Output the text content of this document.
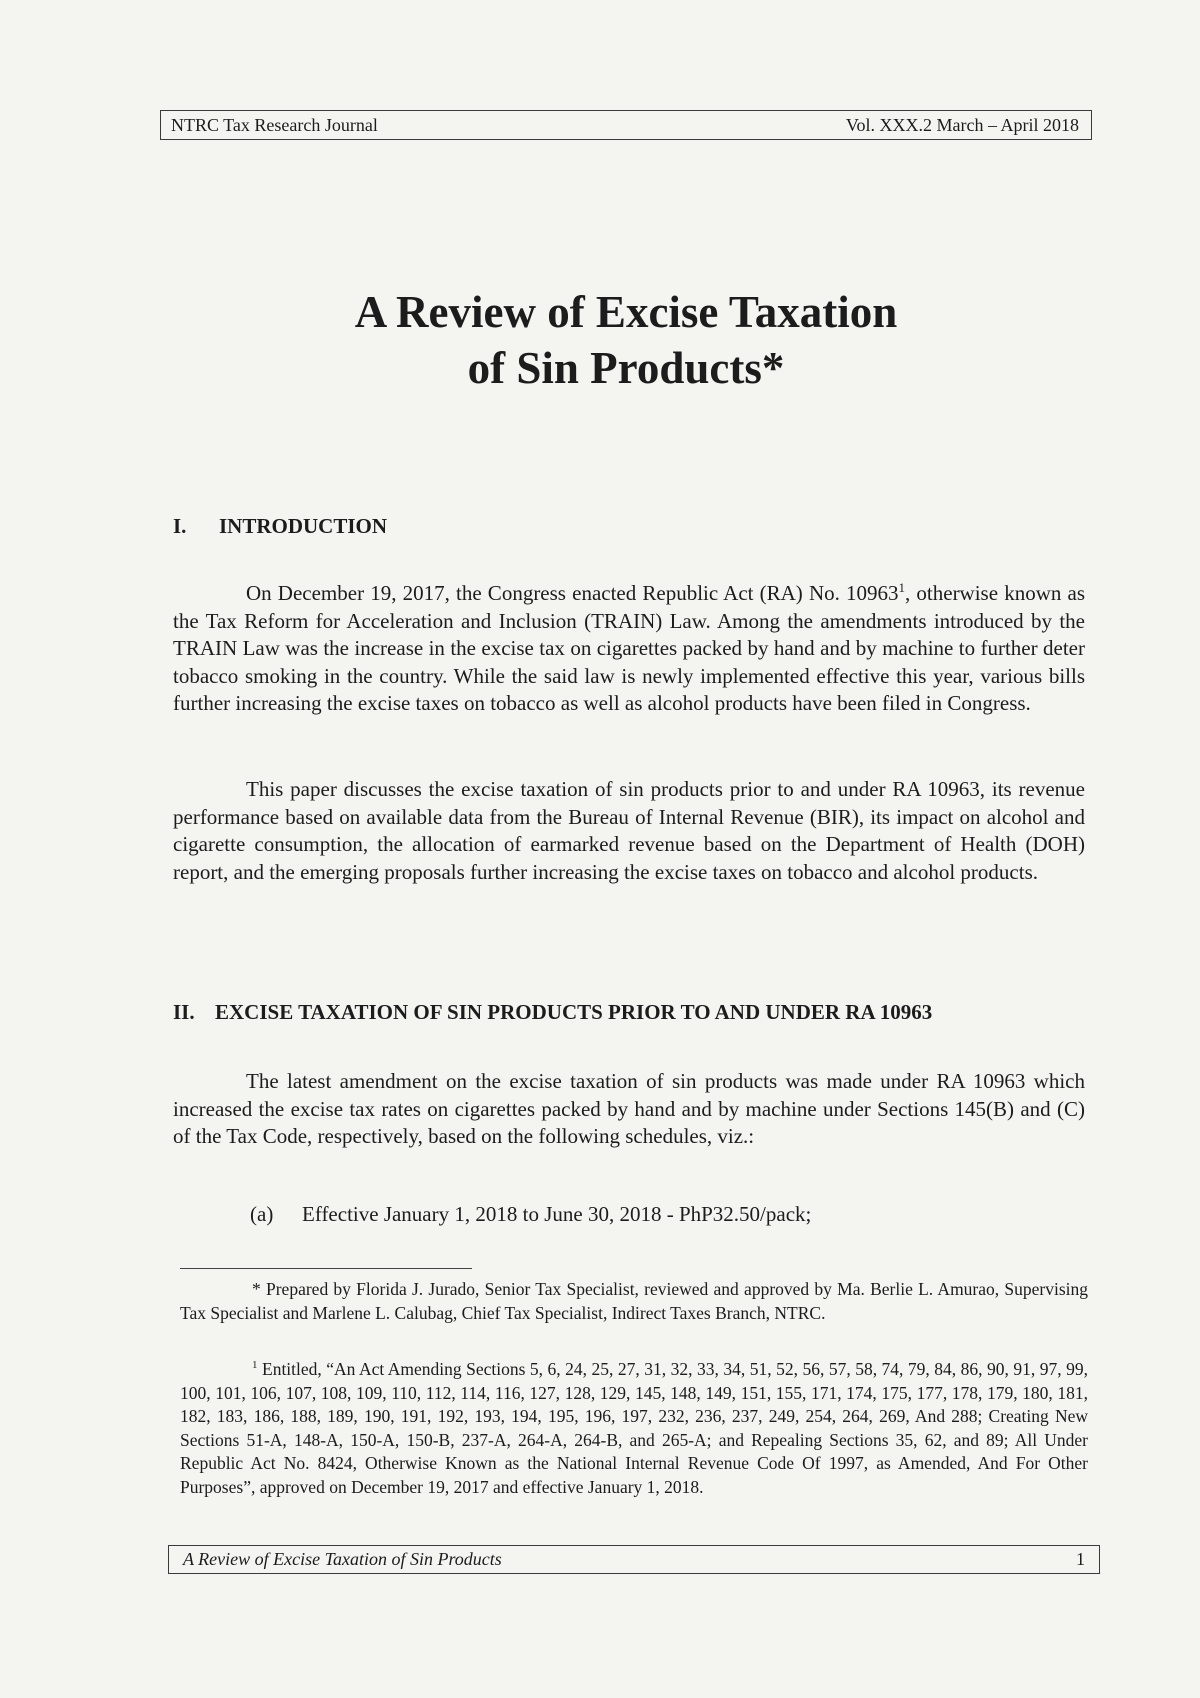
NTRC Tax Research Journal	Vol. XXX.2 March – April 2018
A Review of Excise Taxation
of Sin Products*
I.	INTRODUCTION

On December 19, 2017, the Congress enacted Republic Act (RA) No. 10963$^1$, otherwise known as the Tax Reform for Acceleration and Inclusion (TRAIN) Law. Among the amendments introduced by the TRAIN Law was the increase in the excise tax on cigarettes packed by hand and by machine to further deter tobacco smoking in the country. While the said law is newly implemented effective this year, various bills further increasing the excise taxes on tobacco as well as alcohol products have been filed in Congress.

This paper discusses the excise taxation of sin products prior to and under RA 10963, its revenue performance based on available data from the Bureau of Internal Revenue (BIR), its impact on alcohol and cigarette consumption, the allocation of earmarked revenue based on the Department of Health (DOH) report, and the emerging proposals further increasing the excise taxes on tobacco and alcohol products.

II. EXCISE TAXATION OF SIN PRODUCTS PRIOR TO AND UNDER RA 10963

The latest amendment on the excise taxation of sin products was made under RA 10963 which increased the excise tax rates on cigarettes packed by hand and by machine under Sections 145(B) and (C) of the Tax Code, respectively, based on the following schedules, viz.:

(a)	Effective January 1, 2018 to June 30, 2018 - PhP32.50/pack;

* Prepared by Florida J. Jurado, Senior Tax Specialist, reviewed and approved by Ma. Berlie L. Amurao, Supervising Tax Specialist and Marlene L. Calubag, Chief Tax Specialist, Indirect Taxes Branch, NTRC.

$^1$ Entitled, “An Act Amending Sections 5, 6, 24, 25, 27, 31, 32, 33, 34, 51, 52, 56, 57, 58, 74, 79, 84, 86, 90, 91, 97, 99, 100, 101, 106, 107, 108, 109, 110, 112, 114, 116, 127, 128, 129, 145, 148, 149, 151, 155, 171, 174, 175, 177, 178, 179, 180, 181, 182, 183, 186, 188, 189, 190, 191, 192, 193, 194, 195, 196, 197, 232, 236, 237, 249, 254, 264, 269, And 288; Creating New Sections 51-A, 148-A, 150-A, 150-B, 237-A, 264-A, 264-B, and 265-A; and Repealing Sections 35, 62, and 89; All Under Republic Act No. 8424, Otherwise Known as the National Internal Revenue Code Of 1997, as Amended, And For Other Purposes”, approved on December 19, 2017 and effective January 1, 2018.

A Review of Excise Taxation of Sin Products	1
